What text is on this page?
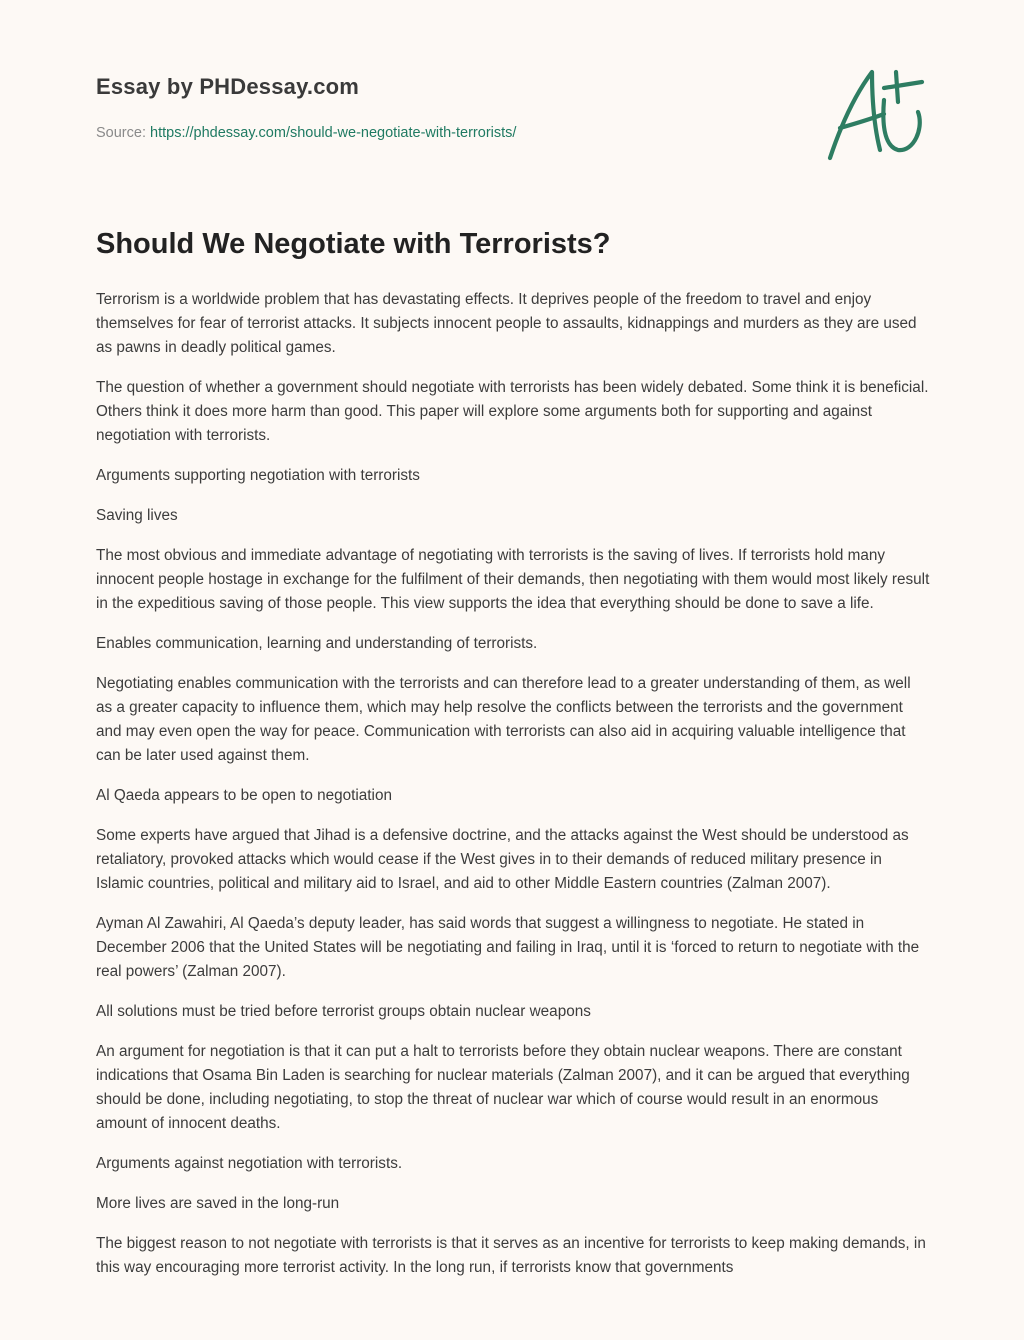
Essay by PHDessay.com
Source: https://phdessay.com/should-we-negotiate-with-terrorists/
Should We Negotiate with Terrorists?

Terrorism is a worldwide problem that has devastating effects. It deprives people of the freedom to travel and enjoy themselves for fear of terrorist attacks. It subjects innocent people to assaults, kidnappings and murders as they are used as pawns in deadly political games.

The question of whether a government should negotiate with terrorists has been widely debated. Some think it is beneficial. Others think it does more harm than good. This paper will explore some arguments both for supporting and against negotiation with terrorists.

Arguments supporting negotiation with terrorists

Saving lives

The most obvious and immediate advantage of negotiating with terrorists is the saving of lives. If terrorists hold many innocent people hostage in exchange for the fulfilment of their demands, then negotiating with them would most likely result in the expeditious saving of those people. This view supports the idea that everything should be done to save a life.

Enables communication, learning and understanding of terrorists.

Negotiating enables communication with the terrorists and can therefore lead to a greater understanding of them, as well as a greater capacity to influence them, which may help resolve the conflicts between the terrorists and the government and may even open the way for peace. Communication with terrorists can also aid in acquiring valuable intelligence that can be later used against them.

Al Qaeda appears to be open to negotiation

Some experts have argued that Jihad is a defensive doctrine, and the attacks against the West should be understood as retaliatory, provoked attacks which would cease if the West gives in to their demands of reduced military presence in Islamic countries, political and military aid to Israel, and aid to other Middle Eastern countries (Zalman 2007).

Ayman Al Zawahiri, Al Qaeda’s deputy leader, has said words that suggest a willingness to negotiate. He stated in December 2006 that the United States will be negotiating and failing in Iraq, until it is ‘forced to return to negotiate with the real powers’ (Zalman 2007).

All solutions must be tried before terrorist groups obtain nuclear weapons

An argument for negotiation is that it can put a halt to terrorists before they obtain nuclear weapons. There are constant indications that Osama Bin Laden is searching for nuclear materials (Zalman 2007), and it can be argued that everything should be done, including negotiating, to stop the threat of nuclear war which of course would result in an enormous amount of innocent deaths.

Arguments against negotiation with terrorists.

More lives are saved in the long-run

The biggest reason to not negotiate with terrorists is that it serves as an incentive for terrorists to keep making demands, in this way encouraging more terrorist activity. In the long run, if terrorists know that governments
